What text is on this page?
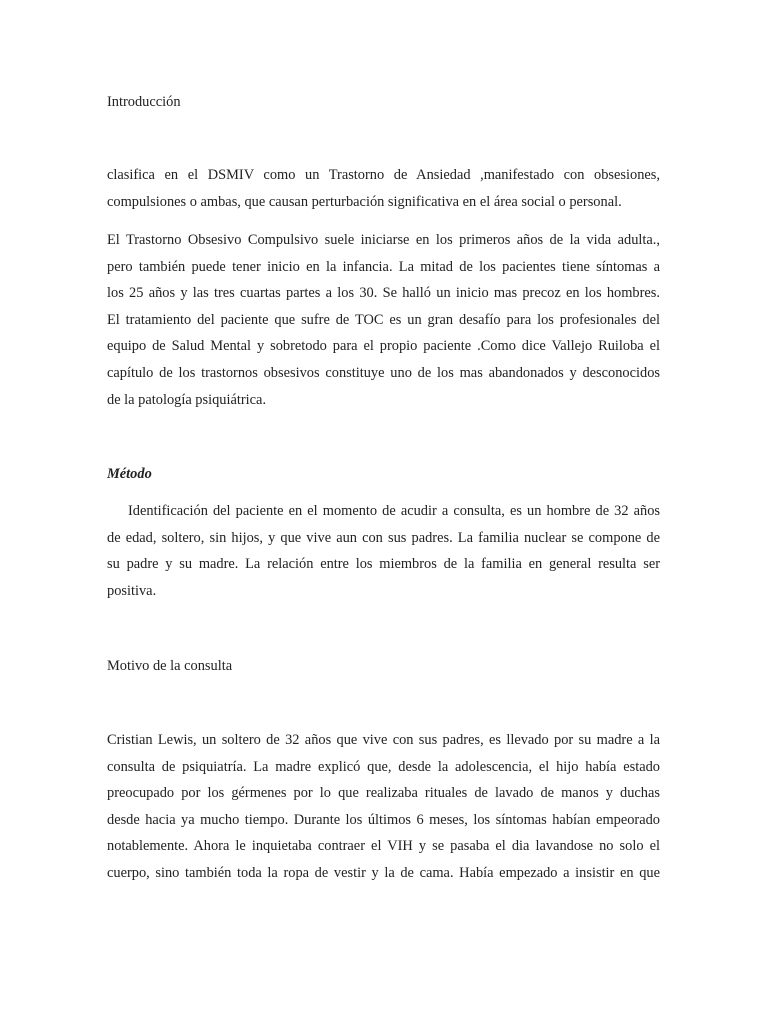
Introducción
clasifica en el DSMIV como un Trastorno de Ansiedad ,manifestado con obsesiones,
compulsiones o ambas, que causan perturbación significativa en el área social o personal.
El Trastorno Obsesivo Compulsivo suele iniciarse en los primeros años de la vida adulta.,
pero también puede tener inicio en la infancia. La mitad de los pacientes tiene síntomas a
los 25 años y las tres cuartas partes a los 30. Se halló un inicio mas precoz en los hombres.
El tratamiento del paciente que sufre de TOC es un gran desafío para los profesionales del
equipo de Salud Mental y sobretodo para el propio paciente .Como dice Vallejo Ruiloba el
capítulo de los trastornos obsesivos constituye uno de los mas abandonados y desconocidos
de la patología psiquiátrica.
Método
Identificación del paciente en el momento de acudir a consulta, es un hombre de 32 años
de edad, soltero, sin hijos, y que vive aun con sus padres. La familia nuclear se compone de
su padre y su madre. La relación entre los miembros de la familia en general resulta ser
positiva.
Motivo de la consulta
Cristian Lewis, un soltero de 32 años que vive con sus padres, es llevado por su madre a la
consulta de psiquiatría. La madre explicó que, desde la adolescencia, el hijo había estado
preocupado por los gérmenes por lo que realizaba rituales de lavado de manos y duchas
desde hacia ya mucho tiempo. Durante los últimos 6 meses, los síntomas habían empeorado
notablemente. Ahora le inquietaba contraer el VIH y se pasaba el dia lavandose no solo el
cuerpo, sino también toda la ropa de vestir y la de cama. Había empezado a insistir en que
